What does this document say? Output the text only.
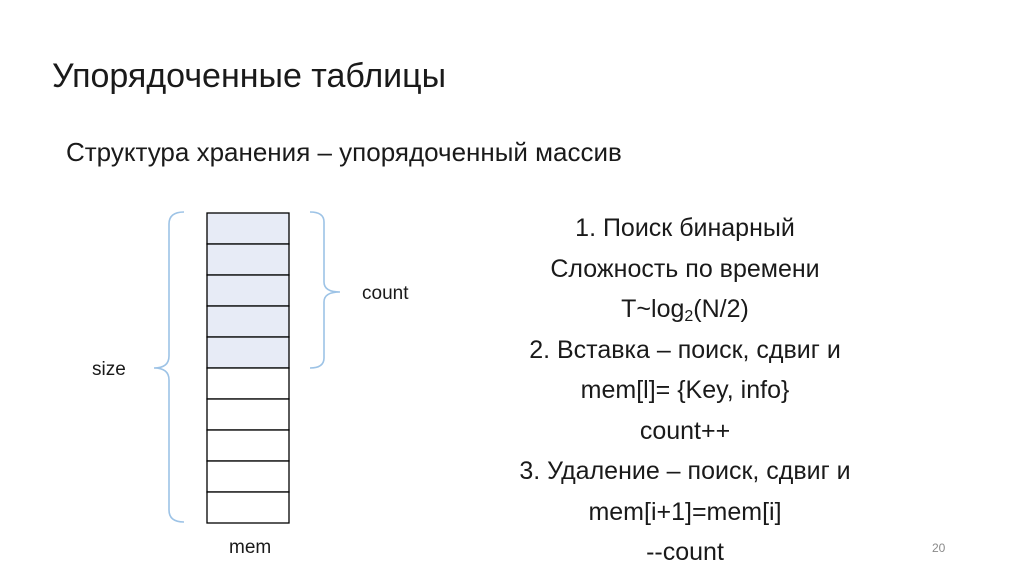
Упорядоченные таблицы
Структура хранения – упорядоченный массив
size
count
mem
1. Поиск бинарный
Сложность по времени
$T\sim\log_2(N/2)$
2. Вставка – поиск, сдвиг и
mem[l]= {Key, info}
count++
3. Удаление – поиск, сдвиг и
mem[i+1]=mem[i]
--count	20
